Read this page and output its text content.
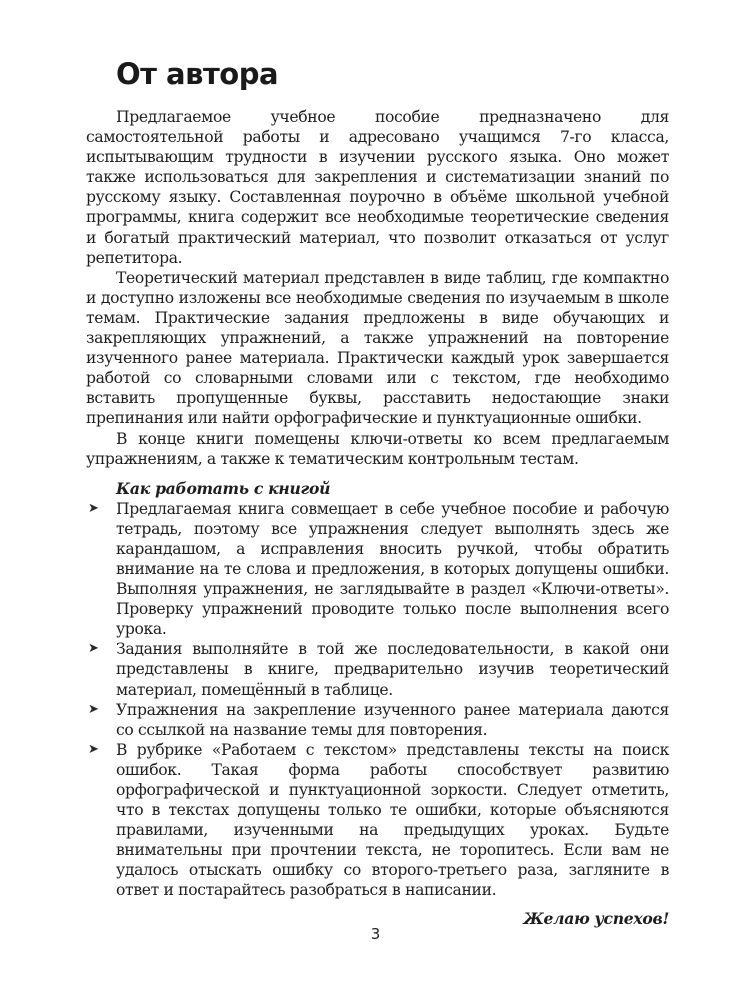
От автора

Предлагаемое учебное пособие предназначено для самостоятельной работы и адресовано учащимся 7-го класса, испытывающим трудности в изучении русского языка. Оно может также использоваться для закрепления и систематизации знаний по русскому языку. Составленная поурочно в объёме школьной учебной программы, книга содержит все необходимые теоретические сведения и богатый практический материал, что позволит отказаться от услуг репетитора.

Теоретический материал представлен в виде таблиц, где компактно и доступно изложены все необходимые сведения по изучаемым в школе темам. Практические задания предложены в виде обучающих и закрепляющих упражнений, а также упражнений на повторение изученного ранее материала. Практически каждый урок завершается работой со словарными словами или с текстом, где необходимо вставить пропущенные буквы, расставить недостающие знаки препинания или найти орфографические и пунктуационные ошибки.

В конце книги помещены ключи-ответы ко всем предлагаемым упражнениям, а также к тематическим контрольным тестам.

Как работать с книгой
➤ Предлагаемая книга совмещает в себе учебное пособие и рабочую тетрадь, поэтому все упражнения следует выполнять здесь же карандашом, а исправления вносить ручкой, чтобы обратить внимание на те слова и предложения, в которых допущены ошибки. Выполняя упражнения, не заглядывайте в раздел «Ключи-ответы». Проверку упражнений проводите только после выполнения всего урока.
➤ Задания выполняйте в той же последовательности, в какой они представлены в книге, предварительно изучив теоретический материал, помещённый в таблице.
➤ Упражнения на закрепление изученного ранее материала даются со ссылкой на название темы для повторения.
➤ В рубрике «Работаем с текстом» представлены тексты на поиск ошибок. Такая форма работы способствует развитию орфографической и пунктуационной зоркости. Следует отметить, что в текстах допущены только те ошибки, которые объясняются правилами, изученными на предыдущих уроках. Будьте внимательны при прочтении текста, не торопитесь. Если вам не удалось отыскать ошибку со второго-третьего раза, загляните в ответ и постарайтесь разобраться в написании.
Желаю успехов!
3
